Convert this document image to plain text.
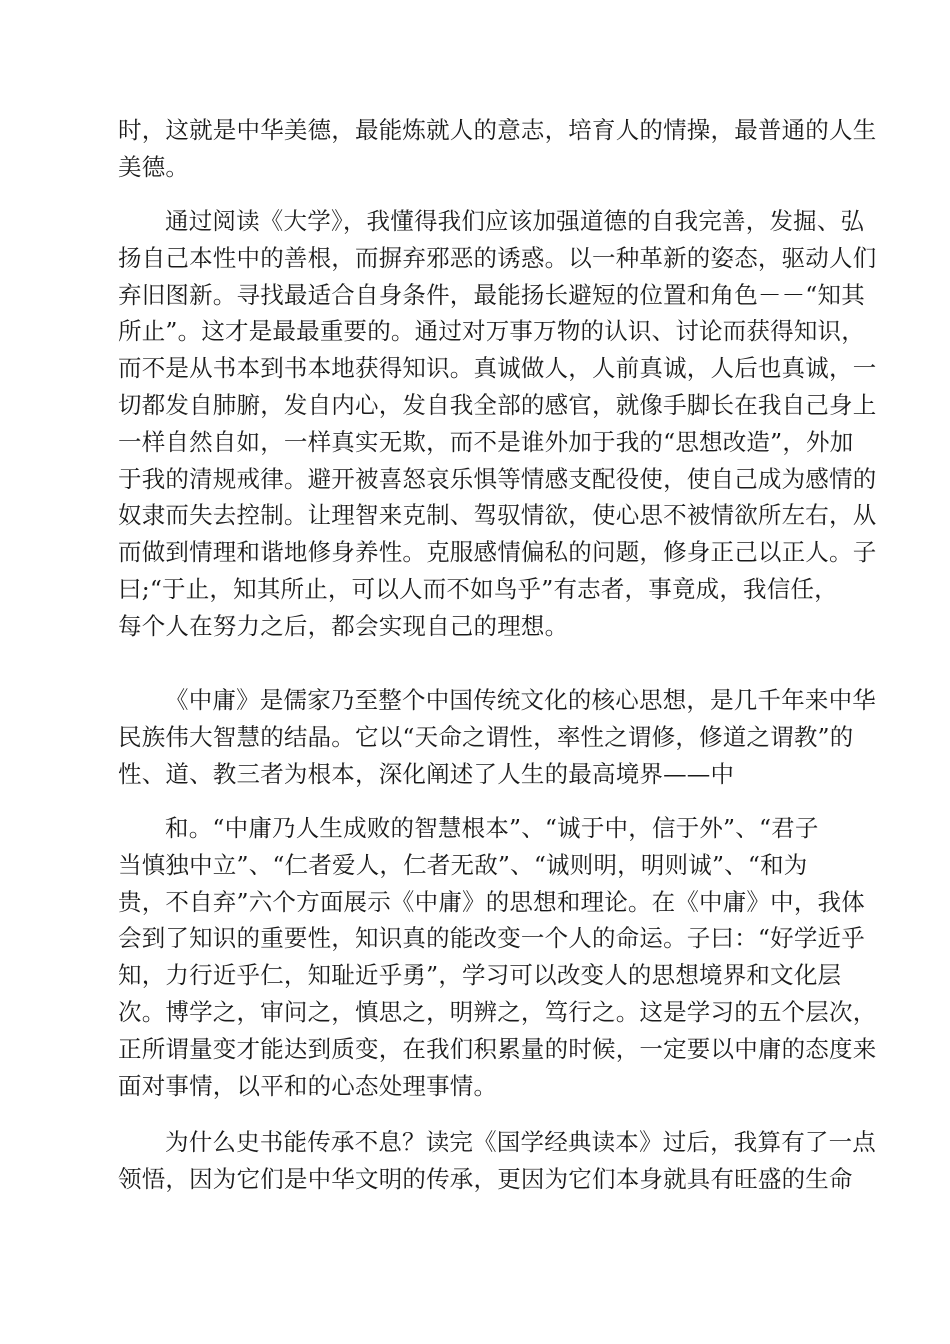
时，这就是中华美德，最能炼就人的意志，培育人的情操，最普通的人生
美德。
通过阅读《大学》，我懂得我们应该加强道德的自我完善，发掘、弘
扬自己本性中的善根，而摒弃邪恶的诱惑。以一种革新的姿态，驱动人们
弃旧图新。寻找最适合自身条件，最能扬长避短的位置和角色－－“知其
所止”。这才是最最重要的。通过对万事万物的认识、讨论而获得知识，
而不是从书本到书本地获得知识。真诚做人，人前真诚，人后也真诚，一
切都发自肺腑，发自内心，发自我全部的感官，就像手脚长在我自己身上
一样自然自如，一样真实无欺，而不是谁外加于我的“思想改造”，外加
于我的清规戒律。避开被喜怒哀乐惧等情感支配役使，使自己成为感情的
奴隶而失去控制。让理智来克制、驾驭情欲，使心思不被情欲所左右，从
而做到情理和谐地修身养性。克服感情偏私的问题，修身正己以正人。子
曰;“于止，知其所止，可以人而不如鸟乎”有志者，事竟成，我信任，
每个人在努力之后，都会实现自己的理想。
《中庸》是儒家乃至整个中国传统文化的核心思想，是几千年来中华
民族伟大智慧的结晶。它以“天命之谓性，率性之谓修，修道之谓教”的
性、道、教三者为根本，深化阐述了人生的最高境界——中
和。“中庸乃人生成败的智慧根本”、“诚于中，信于外”、“君子
当慎独中立”、“仁者爱人，仁者无敌”、“诚则明，明则诚”、“和为
贵，不自弃”六个方面展示《中庸》的思想和理论。在《中庸》中，我体
会到了知识的重要性，知识真的能改变一个人的命运。子曰：“好学近乎
知，力行近乎仁，知耻近乎勇”，学习可以改变人的思想境界和文化层
次。博学之，审问之，慎思之，明辨之，笃行之。这是学习的五个层次，
正所谓量变才能达到质变，在我们积累量的时候，一定要以中庸的态度来
面对事情，以平和的心态处理事情。
为什么史书能传承不息？读完《国学经典读本》过后，我算有了一点
领悟，因为它们是中华文明的传承，更因为它们本身就具有旺盛的生命
